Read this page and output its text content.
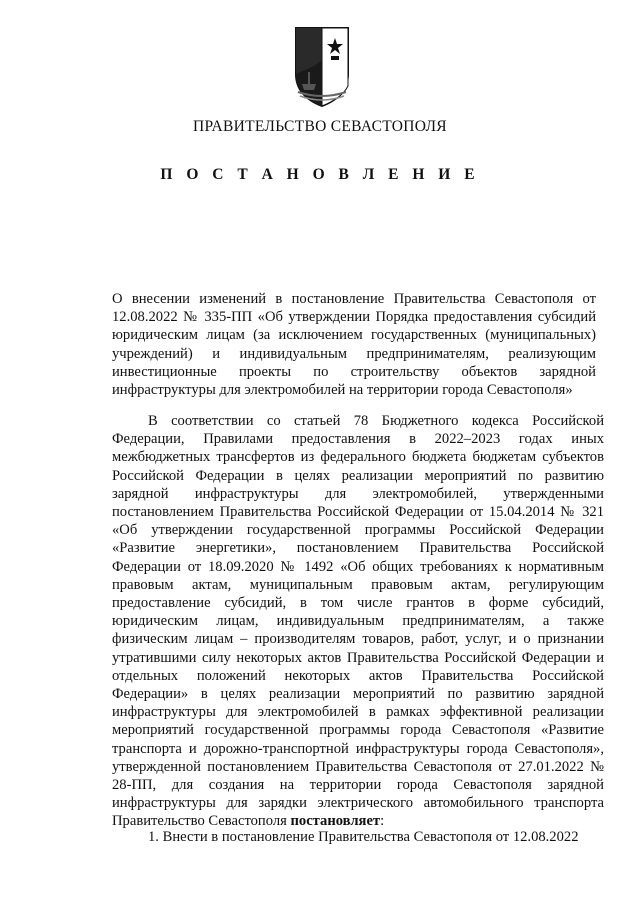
ПРАВИТЕЛЬСТВО СЕВАСТОПОЛЯ
П О С Т А Н О В Л Е Н И Е

О внесении изменений в постановление Правительства Севастополя от 12.08.2022 № 335-ПП «Об утверждении Порядка предоставления субсидий юридическим лицам (за исключением государственных (муниципальных) учреждений) и индивидуальным предпринимателям, реализующим инвестиционные проекты по строительству объектов зарядной инфраструктуры для электромобилей на территории города Севастополя»

В соответствии со статьей 78 Бюджетного кодекса Российской Федерации, Правилами предоставления в 2022–2023 годах иных межбюджетных трансфертов из федерального бюджета бюджетам субъектов Российской Федерации в целях реализации мероприятий по развитию зарядной инфраструктуры для электромобилей, утвержденными постановлением Правительства Российской Федерации от 15.04.2014 № 321 «Об утверждении государственной программы Российской Федерации «Развитие энергетики», постановлением Правительства Российской Федерации от 18.09.2020 № 1492 «Об общих требованиях к нормативным правовым актам, муниципальным правовым актам, регулирующим предоставление субсидий, в том числе грантов в форме субсидий, юридическим лицам, индивидуальным предпринимателям, а также физическим лицам – производителям товаров, работ, услуг, и о признании утратившими силу некоторых актов Правительства Российской Федерации и отдельных положений некоторых актов Правительства Российской Федерации» в целях реализации мероприятий по развитию зарядной инфраструктуры для электромобилей в рамках эффективной реализации мероприятий государственной программы города Севастополя «Развитие транспорта и дорожно-транспортной инфраструктуры города Севастополя», утвержденной постановлением Правительства Севастополя от 27.01.2022 № 28-ПП, для создания на территории города Севастополя зарядной инфраструктуры для зарядки электрического автомобильного транспорта Правительство Севастополя постановляет:

1. Внести в постановление Правительства Севастополя от 12.08.2022
